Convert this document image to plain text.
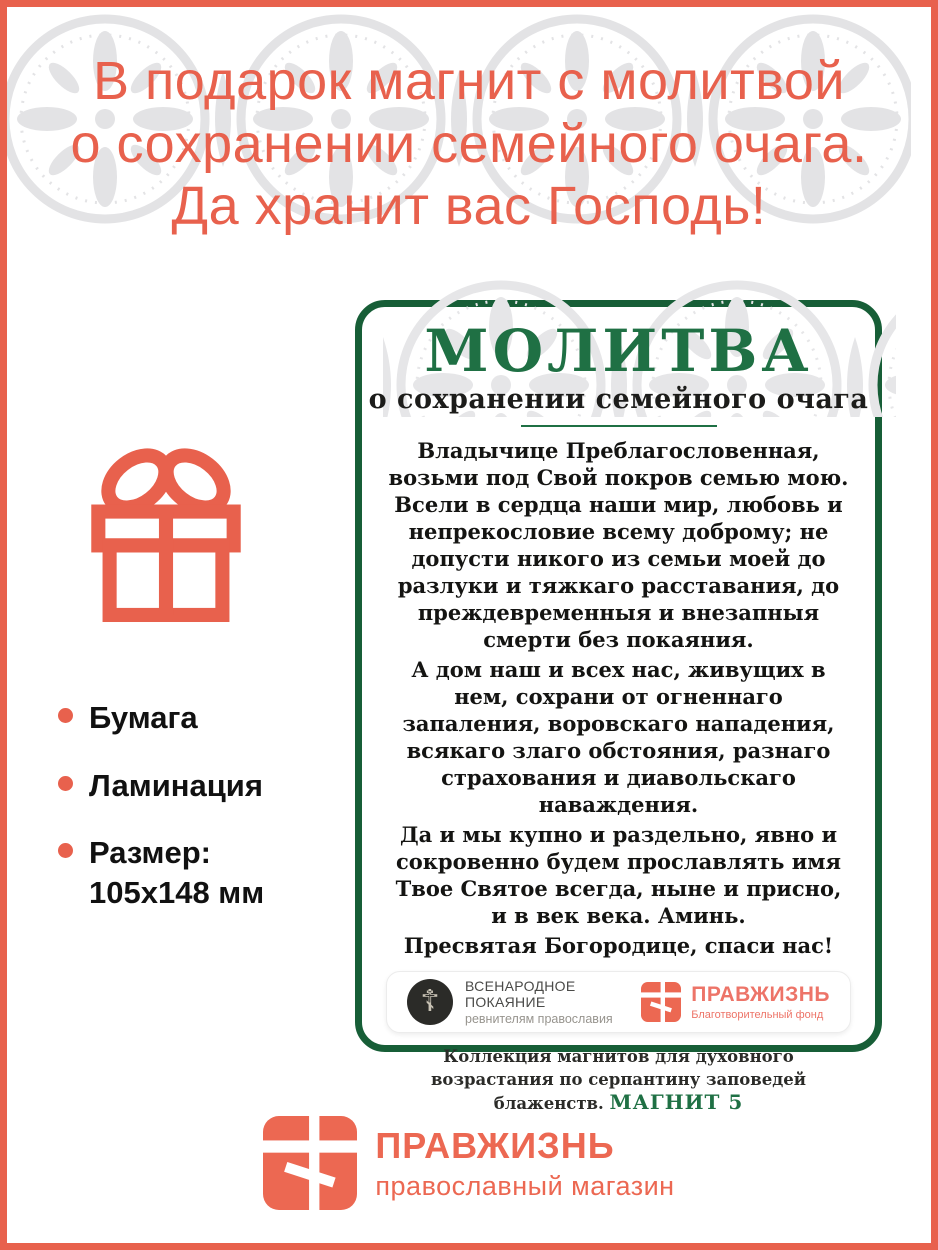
В подарок магнит с молитвой
о сохранении семейного очага.
Да хранит вас Господь!
Бумага
Ламинация
Размер:
105x148 мм
МОЛИТВА
о сохранении семейного очага

Владычице Преблагословенная, возьми под Свой покров семью мою. Всели в сердца наши мир, любовь и непрекословие всему доброму; не допусти никого из семьи моей до разлуки и тяжкаго расставания, до преждевременныя и внезапныя смерти без покаяния.

А дом наш и всех нас, живущих в нем, сохрани от огненнаго запаления, воровскаго нападения, всякаго злаго обстояния, разнаго страхования и диавольскаго наваждения.

Да и мы купно и раздельно, явно и сокровенно будем прославлять имя Твое Святое всегда, ныне и присно, и в век века. Аминь.

Пресвятая Богородице, спаси нас!

☦ ВСЕНАРОДНОЕ ПОКАЯНИЕ
ревнителям православия
ПРАВЖИЗНЬ
Благотворительный фонд

Коллекция магнитов для духовного возрастания по серпантину заповедей блаженств. МАГНИТ 5

ПРАВЖИЗНЬ
православный магазин
